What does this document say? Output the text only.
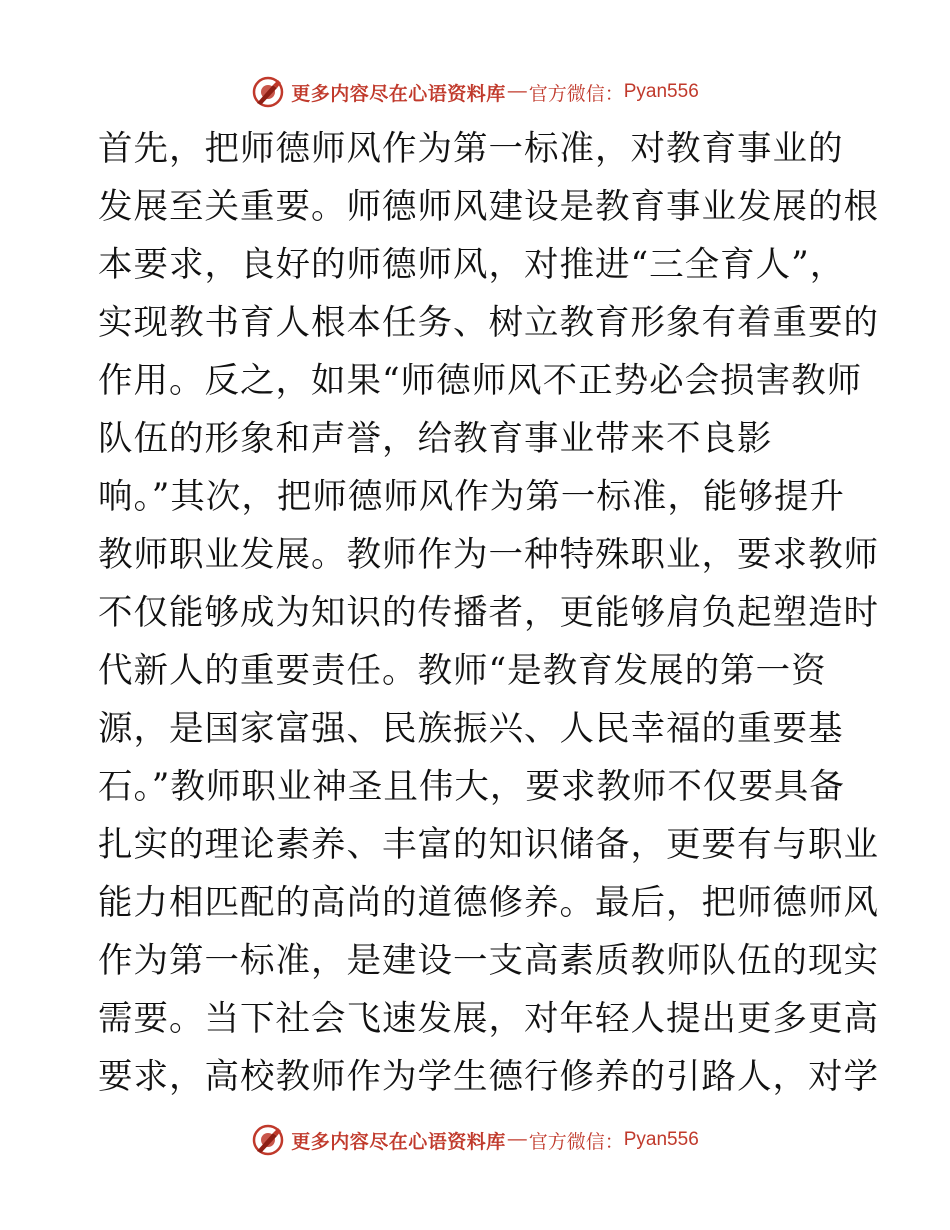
更多内容尽在心语资料库 — 官方微信： Pyan556
首先，把师德师风作为第一标准，对教育事业的
发展至关重要。师德师风建设是教育事业发展的根
本要求，良好的师德师风，对推进“三全育人”，
实现教书育人根本任务、树立教育形象有着重要的
作用。反之，如果“师德师风不正势必会损害教师
队伍的形象和声誉，给教育事业带来不良影
响。”其次，把师德师风作为第一标准，能够提升
教师职业发展。教师作为一种特殊职业，要求教师
不仅能够成为知识的传播者，更能够肩负起塑造时
代新人的重要责任。教师“是教育发展的第一资
源，是国家富强、民族振兴、人民幸福的重要基
石。”教师职业神圣且伟大，要求教师不仅要具备
扎实的理论素养、丰富的知识储备，更要有与职业
能力相匹配的高尚的道德修养。最后，把师德师风
作为第一标准，是建设一支高素质教师队伍的现实
需要。当下社会飞速发展，对年轻人提出更多更高
要求，高校教师作为学生德行修养的引路人，对学
更多内容尽在心语资料库 — 官方微信： Pyan556
